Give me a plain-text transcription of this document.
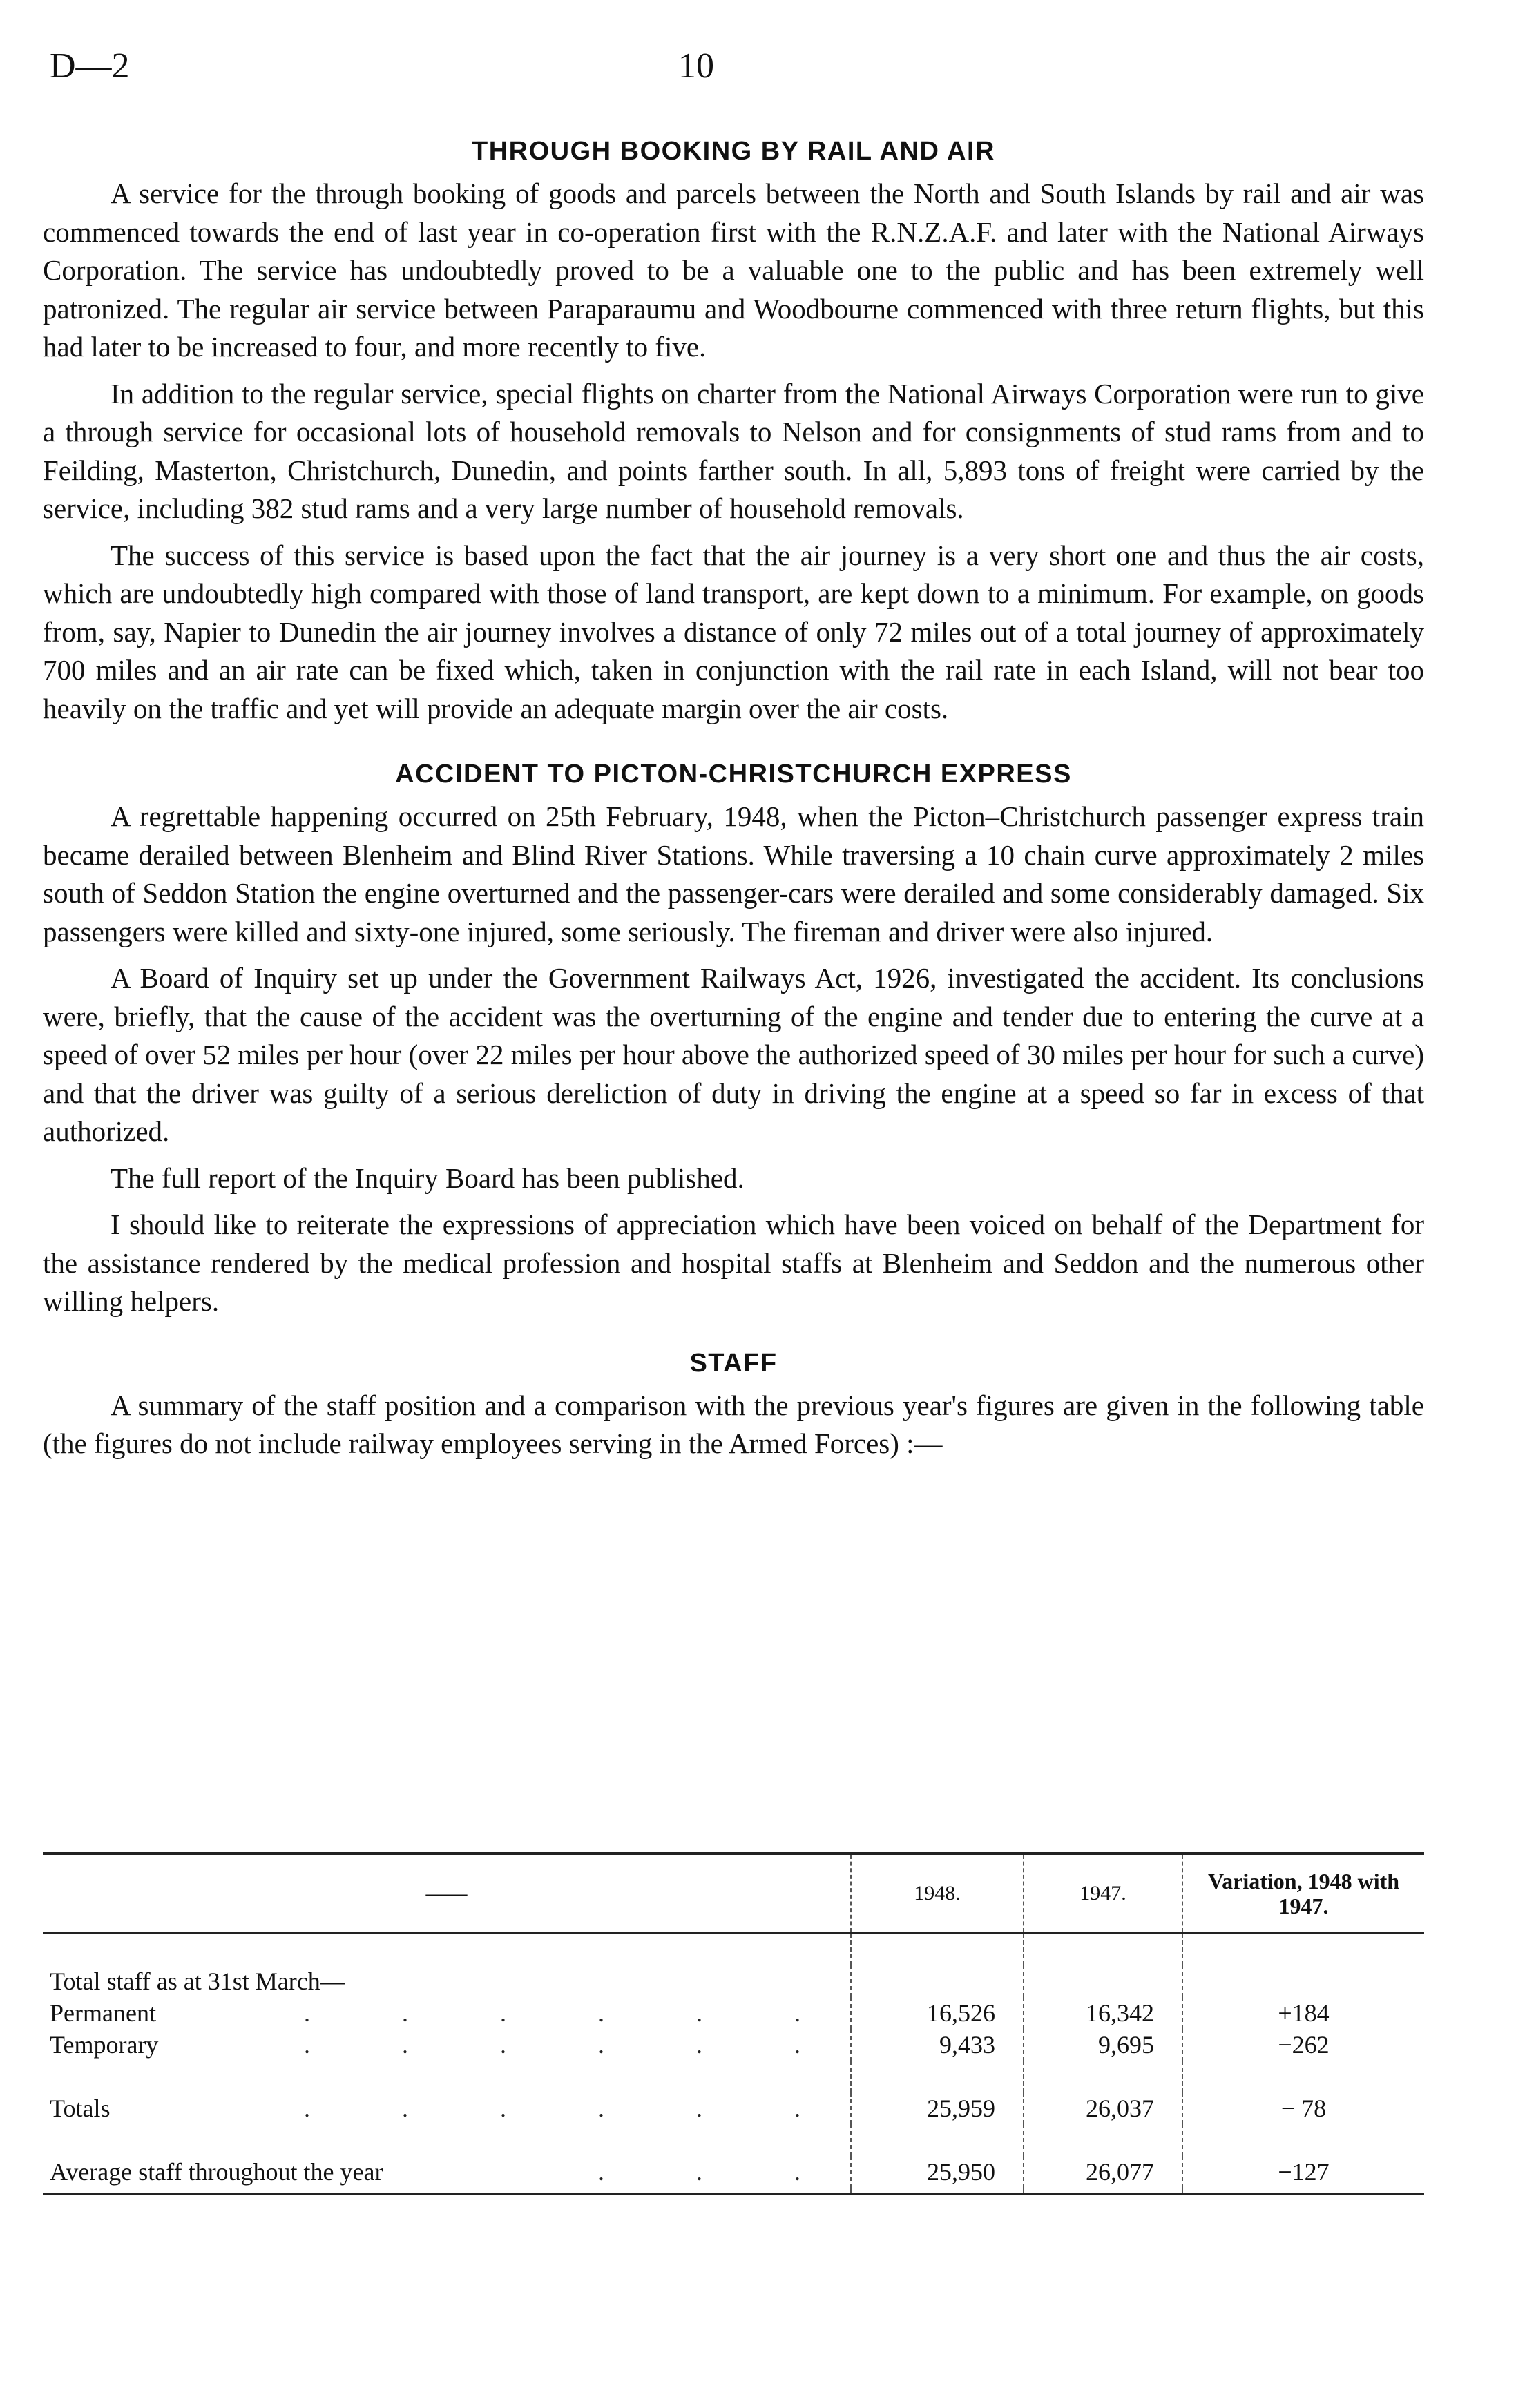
D—2	10
THROUGH BOOKING BY RAIL AND AIR

A service for the through booking of goods and parcels between the North and South Islands by rail and air was commenced towards the end of last year in co-operation first with the R.N.Z.A.F. and later with the National Airways Corporation. The service has undoubtedly proved to be a valuable one to the public and has been extremely well patronized. The regular air service between Paraparaumu and Woodbourne commenced with three return flights, but this had later to be increased to four, and more recently to five.

In addition to the regular service, special flights on charter from the National Airways Corporation were run to give a through service for occasional lots of household removals to Nelson and for consignments of stud rams from and to Feilding, Masterton, Christchurch, Dunedin, and points farther south. In all, 5,893 tons of freight were carried by the service, including 382 stud rams and a very large number of household removals.

The success of this service is based upon the fact that the air journey is a very short one and thus the air costs, which are undoubtedly high compared with those of land transport, are kept down to a minimum. For example, on goods from, say, Napier to Dunedin the air journey involves a distance of only 72 miles out of a total journey of approximately 700 miles and an air rate can be fixed which, taken in conjunction with the rail rate in each Island, will not bear too heavily on the traffic and yet will provide an adequate margin over the air costs.

ACCIDENT TO PICTON-CHRISTCHURCH EXPRESS

A regrettable happening occurred on 25th February, 1948, when the Picton–Christchurch passenger express train became derailed between Blenheim and Blind River Stations. While traversing a 10 chain curve approximately 2 miles south of Seddon Station the engine overturned and the passenger-cars were derailed and some considerably damaged. Six passengers were killed and sixty-one injured, some seriously. The fireman and driver were also injured.

A Board of Inquiry set up under the Government Railways Act, 1926, investigated the accident. Its conclusions were, briefly, that the cause of the accident was the overturning of the engine and tender due to entering the curve at a speed of over 52 miles per hour (over 22 miles per hour above the authorized speed of 30 miles per hour for such a curve) and that the driver was guilty of a serious dereliction of duty in driving the engine at a speed so far in excess of that authorized.

The full report of the Inquiry Board has been published.

I should like to reiterate the expressions of appreciation which have been voiced on behalf of the Department for the assistance rendered by the medical profession and hospital staffs at Blenheim and Seddon and the numerous other willing helpers.

STAFF

A summary of the staff position and a comparison with the previous year's figures are given in the following table (the figures do not include railway employees serving in the Armed Forces) :—

——	1948.	1947.	Variation, 1948 with 1947.

Total staff as at 31st March—			
Permanent . . . . . .	16,526	16,342	+184
Temporary . . . . . .	9,433	9,695	−262

Totals . . . . . .	25,959	26,037	− 78

Average staff throughout the year . . .	25,950	26,077	−127
